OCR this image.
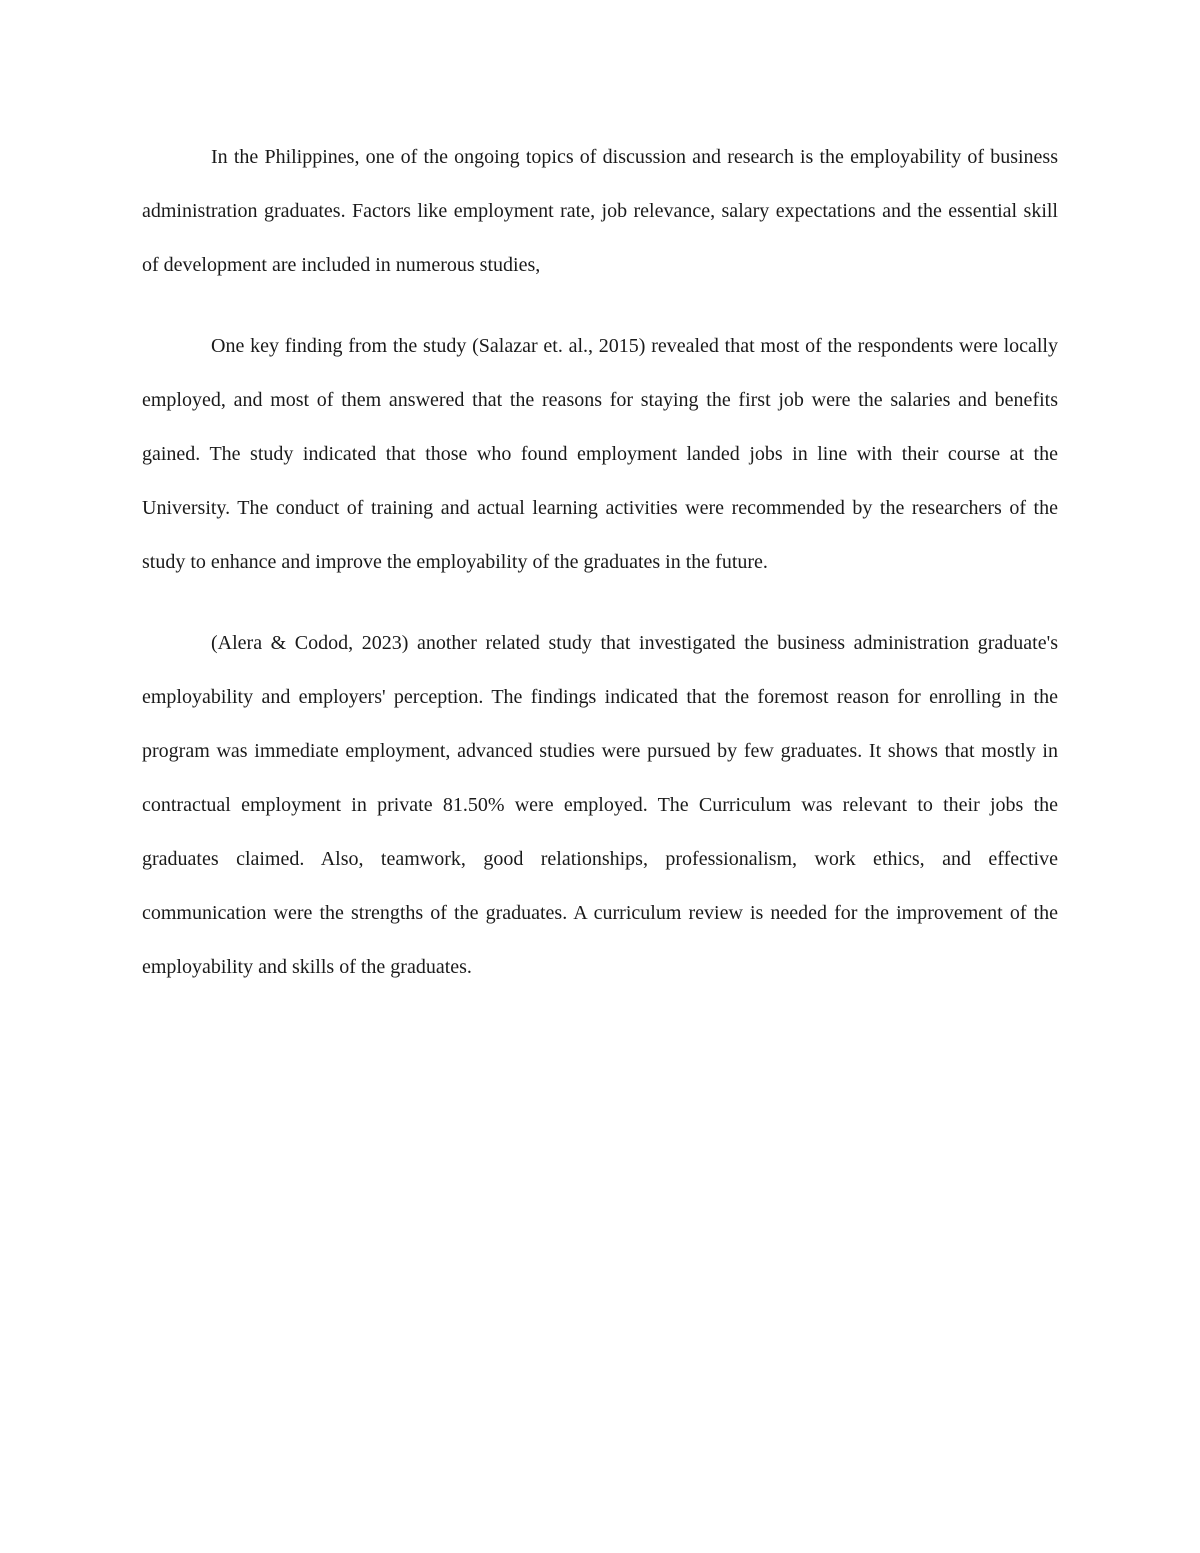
In the Philippines, one of the ongoing topics of discussion and research is the employability of business administration graduates. Factors like employment rate, job relevance, salary expectations and the essential skill of development are included in numerous studies,

One key finding from the study (Salazar et. al., 2015) revealed that most of the respondents were locally employed, and most of them answered that the reasons for staying the first job were the salaries and benefits gained. The study indicated that those who found employment landed jobs in line with their course at the University. The conduct of training and actual learning activities were recommended by the researchers of the study to enhance and improve the employability of the graduates in the future.

(Alera & Codod, 2023) another related study that investigated the business administration graduate's employability and employers' perception. The findings indicated that the foremost reason for enrolling in the program was immediate employment, advanced studies were pursued by few graduates. It shows that mostly in contractual employment in private 81.50% were employed. The Curriculum was relevant to their jobs the graduates claimed. Also, teamwork, good relationships, professionalism, work ethics, and effective communication were the strengths of the graduates. A curriculum review is needed for the improvement of the employability and skills of the graduates.
